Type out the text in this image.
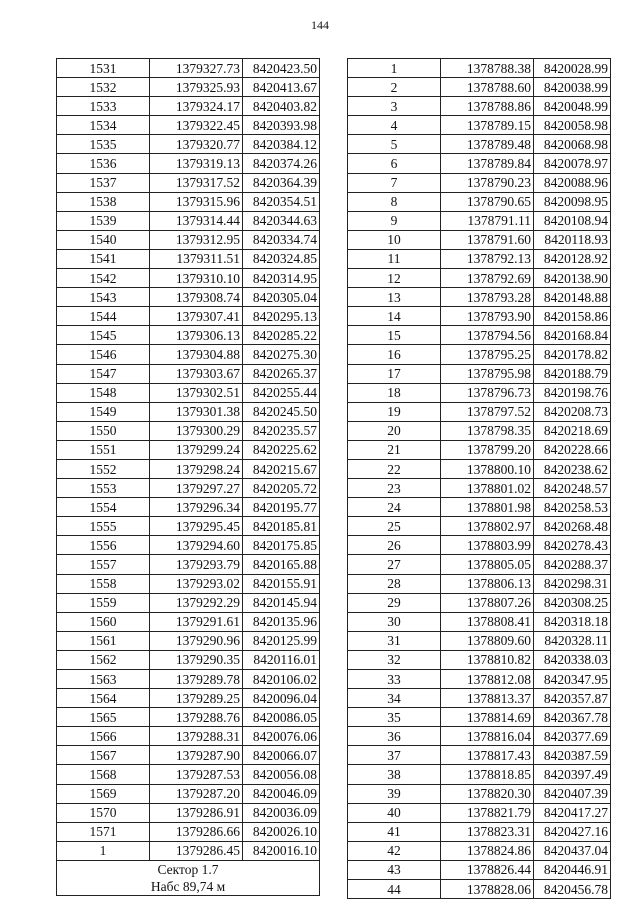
144
1531	1379327.73	8420423.50
1532	1379325.93	8420413.67
1533	1379324.17	8420403.82
1534	1379322.45	8420393.98
1535	1379320.77	8420384.12
1536	1379319.13	8420374.26
1537	1379317.52	8420364.39
1538	1379315.96	8420354.51
1539	1379314.44	8420344.63
1540	1379312.95	8420334.74
1541	1379311.51	8420324.85
1542	1379310.10	8420314.95
1543	1379308.74	8420305.04
1544	1379307.41	8420295.13
1545	1379306.13	8420285.22
1546	1379304.88	8420275.30
1547	1379303.67	8420265.37
1548	1379302.51	8420255.44
1549	1379301.38	8420245.50
1550	1379300.29	8420235.57
1551	1379299.24	8420225.62
1552	1379298.24	8420215.67
1553	1379297.27	8420205.72
1554	1379296.34	8420195.77
1555	1379295.45	8420185.81
1556	1379294.60	8420175.85
1557	1379293.79	8420165.88
1558	1379293.02	8420155.91
1559	1379292.29	8420145.94
1560	1379291.61	8420135.96
1561	1379290.96	8420125.99
1562	1379290.35	8420116.01
1563	1379289.78	8420106.02
1564	1379289.25	8420096.04
1565	1379288.76	8420086.05
1566	1379288.31	8420076.06
1567	1379287.90	8420066.07
1568	1379287.53	8420056.08
1569	1379287.20	8420046.09
1570	1379286.91	8420036.09
1571	1379286.66	8420026.10
1	1379286.45	8420016.10

Сектор 1.7
Набс 89,74 м		
1	1378788.38	8420028.99
2	1378788.60	8420038.99
3	1378788.86	8420048.99
4	1378789.15	8420058.98
5	1378789.48	8420068.98
6	1378789.84	8420078.97
7	1378790.23	8420088.96
8	1378790.65	8420098.95
9	1378791.11	8420108.94
10	1378791.60	8420118.93
11	1378792.13	8420128.92
12	1378792.69	8420138.90
13	1378793.28	8420148.88
14	1378793.90	8420158.86
15	1378794.56	8420168.84
16	1378795.25	8420178.82
17	1378795.98	8420188.79
18	1378796.73	8420198.76
19	1378797.52	8420208.73
20	1378798.35	8420218.69
21	1378799.20	8420228.66
22	1378800.10	8420238.62
23	1378801.02	8420248.57
24	1378801.98	8420258.53
25	1378802.97	8420268.48
26	1378803.99	8420278.43
27	1378805.05	8420288.37
28	1378806.13	8420298.31
29	1378807.26	8420308.25
30	1378808.41	8420318.18
31	1378809.60	8420328.11
32	1378810.82	8420338.03
33	1378812.08	8420347.95
34	1378813.37	8420357.87
35	1378814.69	8420367.78
36	1378816.04	8420377.69
37	1378817.43	8420387.59
38	1378818.85	8420397.49
39	1378820.30	8420407.39
40	1378821.79	8420417.27
41	1378823.31	8420427.16
42	1378824.86	8420437.04
43	1378826.44	8420446.91
44	1378828.06	8420456.78
